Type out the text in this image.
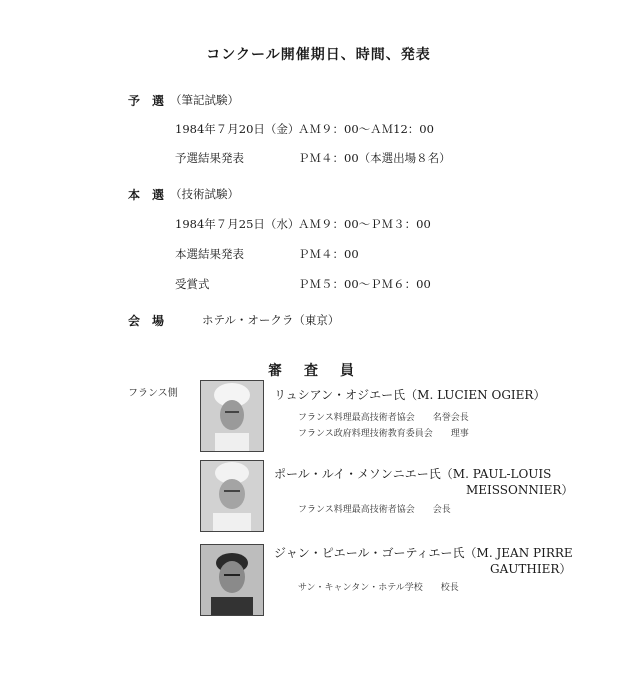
コンクール開催期日、時間、発表
予　選 （筆記試験）
1984年７月20日（金）
ＡＭ９：00〜ＡＭ12：00
予選結果発表	ＰＭ４：00（本選出場８名）
本　選 （技術試験）
1984年７月25日（水）
ＡＭ９：00〜ＰＭ３：00
本選結果発表	ＰＭ４：00
受賞式	ＰＭ５：00〜ＰＭ６：00
会　場	ホテル・オークラ（東京）
審　査　員
フランス側	リュシアン・オジエー氏（M. LUCIEN OGIER）
フランス料理最高技術者協会　　名誉会長
フランス政府料理技術教育委員会　　理事
ポール・ルイ・メソンニエー氏（M. PAUL-LOUIS
MEISSONNIER）
フランス料理最高技術者協会　　会長
ジャン・ピエール・ゴーティエー氏（M. JEAN PIRRE
GAUTHIER）
サン・キャンタン・ホテル学校　　校長
